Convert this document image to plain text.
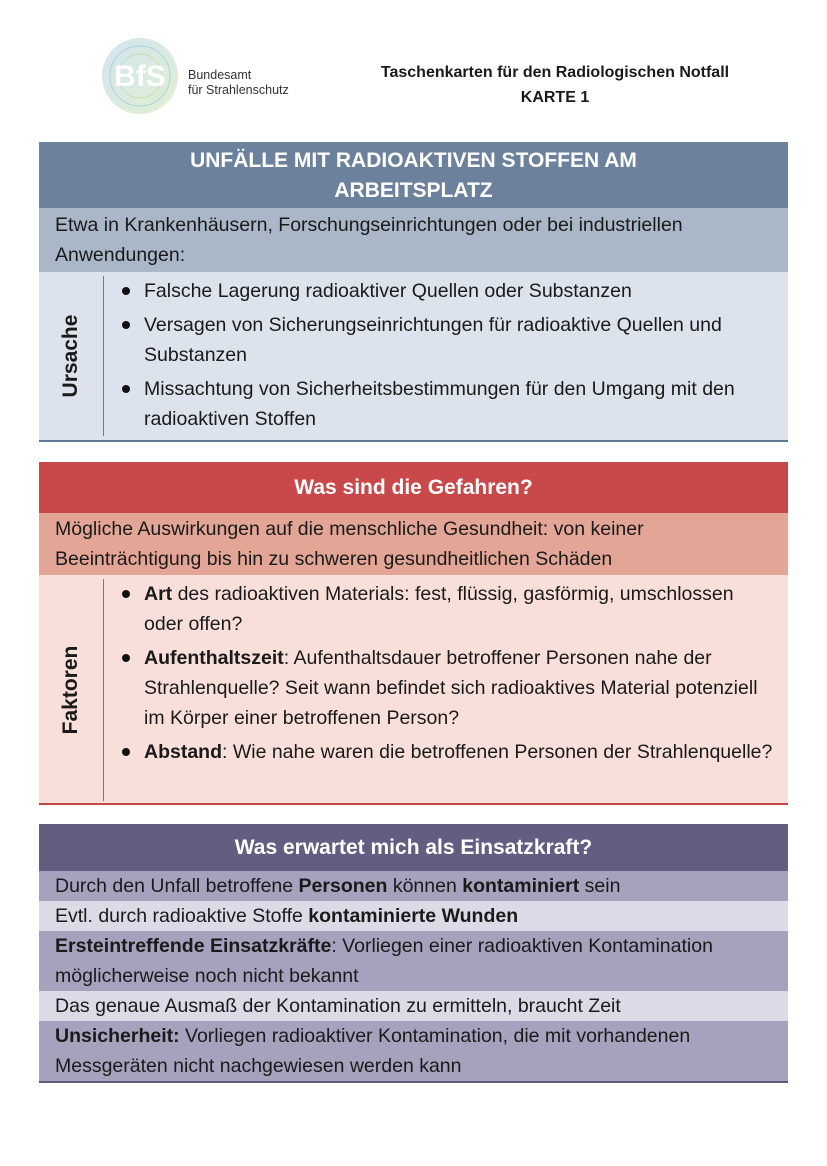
BfS Bundesamt
für Strahlenschutz
Taschenkarten für den Radiologischen Notfall
KARTE 1
UNFÄLLE MIT RADIOAKTIVEN STOFFEN AM
ARBEITSPLATZ
Etwa in Krankenhäusern, Forschungseinrichtungen oder bei industriellen Anwendungen:
Ursache
Falsche Lagerung radioaktiver Quellen oder Substanzen
Versagen von Sicherungseinrichtungen für radioaktive Quellen und Substanzen
Missachtung von Sicherheitsbestimmungen für den Umgang mit den radioaktiven Stoffen
Was sind die Gefahren?
Mögliche Auswirkungen auf die menschliche Gesundheit: von keiner Beeinträchtigung bis hin zu schweren gesundheitlichen Schäden
Faktoren
Art des radioaktiven Materials: fest, flüssig, gasförmig, umschlossen oder offen?
Aufenthaltszeit: Aufenthaltsdauer betroffener Personen nahe der Strahlenquelle? Seit wann befindet sich radioaktives Material potenziell im Körper einer betroffenen Person?
Abstand: Wie nahe waren die betroffenen Personen der Strahlenquelle?
Was erwartet mich als Einsatzkraft?
Durch den Unfall betroffene Personen können kontaminiert sein
Evtl. durch radioaktive Stoffe kontaminierte Wunden
Ersteintreffende Einsatzkräfte: Vorliegen einer radioaktiven Kontamination möglicherweise noch nicht bekannt
Das genaue Ausmaß der Kontamination zu ermitteln, braucht Zeit
Unsicherheit: Vorliegen radioaktiver Kontamination, die mit vorhandenen Messgeräten nicht nachgewiesen werden kann
